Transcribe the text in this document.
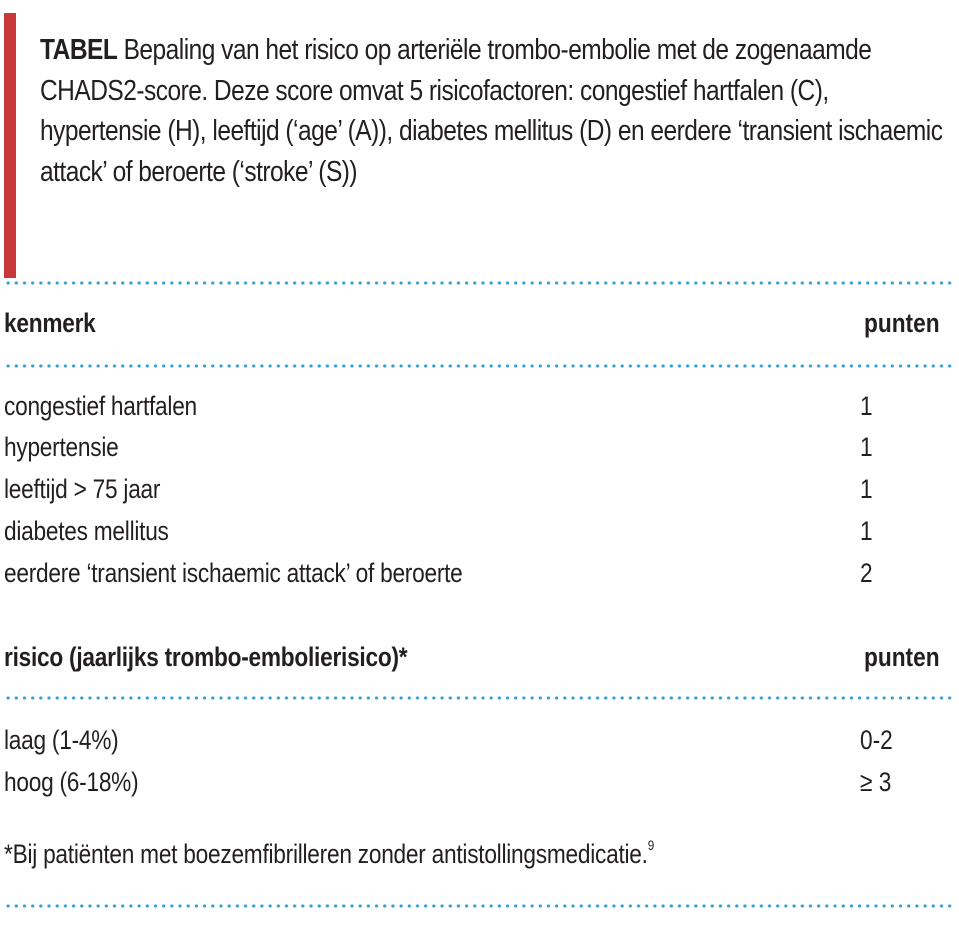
TABEL Bepaling van het risico op arteriële trombo-embolie met de zogenaamde CHADS2-score. Deze score omvat 5 risicofactoren: congestief hartfalen (C), hypertensie (H), leeftijd (‘age’ (A)), diabetes mellitus (D) en eerdere ‘transient ischaemic attack’ of beroerte (‘stroke’ (S))
kenmerk	punten
congestief hartfalen	1
hypertensie	1
leeftijd > 75 jaar	1
diabetes mellitus	1
eerdere ‘transient ischaemic attack’ of beroerte	2
risico (jaarlijks trombo-embolierisico)*	punten
laag (1-4%)	0-2
hoog (6-18%)	≥ 3
*Bij patiënten met boezemfibrilleren zonder antistollingsmedicatie.$^9$
